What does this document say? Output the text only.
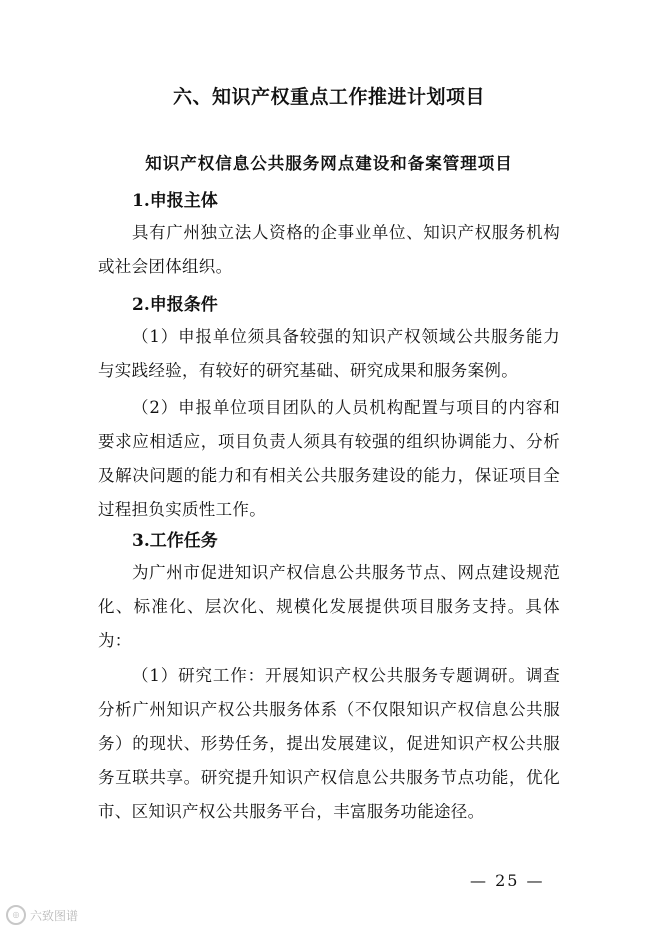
六、知识产权重点工作推进计划项目
知识产权信息公共服务网点建设和备案管理项目
1.申报主体

具有广州独立法人资格的企事业单位、知识产权服务机构或社会团体组织。

2.申报条件

（1）申报单位须具备较强的知识产权领域公共服务能力与实践经验，有较好的研究基础、研究成果和服务案例。

（2）申报单位项目团队的人员机构配置与项目的内容和要求应相适应，项目负责人须具有较强的组织协调能力、分析及解决问题的能力和有相关公共服务建设的能力，保证项目全过程担负实质性工作。

3.工作任务

为广州市促进知识产权信息公共服务节点、网点建设规范化、标准化、层次化、规模化发展提供项目服务支持。具体为：

（1）研究工作：开展知识产权公共服务专题调研。调查分析广州知识产权公共服务体系（不仅限知识产权信息公共服务）的现状、形势任务，提出发展建议，促进知识产权公共服务互联共享。研究提升知识产权信息公共服务节点功能，优化市、区知识产权公共服务平台，丰富服务功能途径。

— 25 —
◎ 六致图谱
